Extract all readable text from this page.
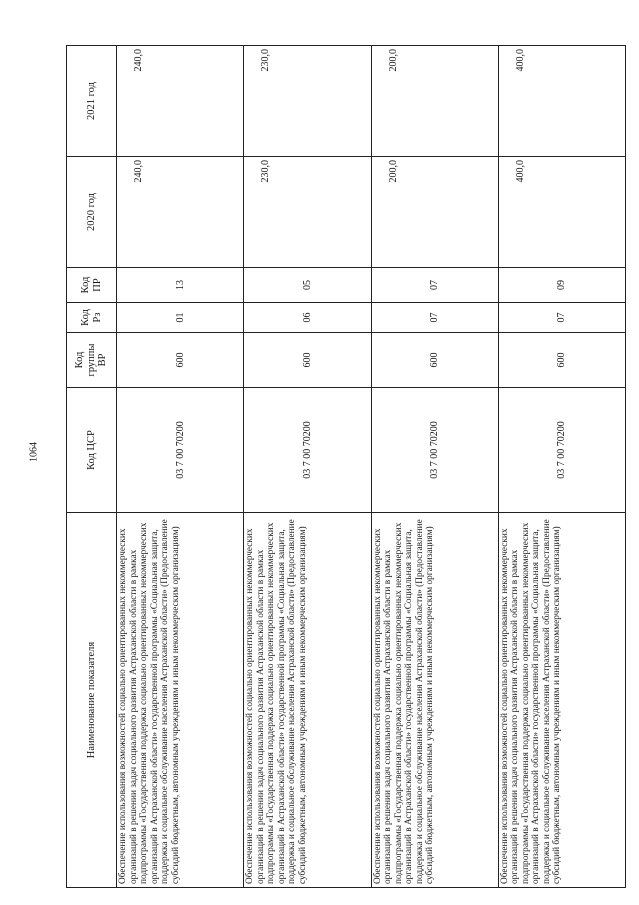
1064
Наименование показателя	Код ЦСР	Код группы ВР	Код Рз	Код ПР	2020 год	2021 год
Обеспечение использования возможностей социально ориентированных некоммерческих организаций в решении задач социального развития Астраханской области в рамках подпрограммы «Государственная поддержка социально ориентированных некоммерческих организаций в Астраханской области» государственной программы «Социальная защита, поддержка и социальное обслуживание населения Астраханской области» (Предоставление субсидий бюджетным, автономным учреждениям и иным некоммерческим организациям)	03 7 00 70200	600	01	13	240,0	240,0
Обеспечение использования возможностей социально ориентированных некоммерческих организаций в решении задач социального развития Астраханской области в рамках подпрограммы «Государственная поддержка социально ориентированных некоммерческих организаций в Астраханской области» государственной программы «Социальная защита, поддержка и социальное обслуживание населения Астраханской области» (Предоставление субсидий бюджетным, автономным учреждениям и иным некоммерческим организациям)	03 7 00 70200	600	06	05	230,0	230,0
Обеспечение использования возможностей социально ориентированных некоммерческих организаций в решении задач социального развития Астраханской области в рамках подпрограммы «Государственная поддержка социально ориентированных некоммерческих организаций в Астраханской области» государственной программы «Социальная защита, поддержка и социальное обслуживание населения Астраханской области» (Предоставление субсидий бюджетным, автономным учреждениям и иным некоммерческим организациям)	03 7 00 70200	600	07	07	200,0	200,0
Обеспечение использования возможностей социально ориентированных некоммерческих организаций в решении задач социального развития Астраханской области в рамках подпрограммы «Государственная поддержка социально ориентированных некоммерческих организаций в Астраханской области» государственной программы «Социальная защита, поддержка и социальное обслуживание населения Астраханской области» (Предоставление субсидий бюджетным, автономным учреждениям и иным некоммерческим организациям)	03 7 00 70200	600	07	09	400,0	400,0
